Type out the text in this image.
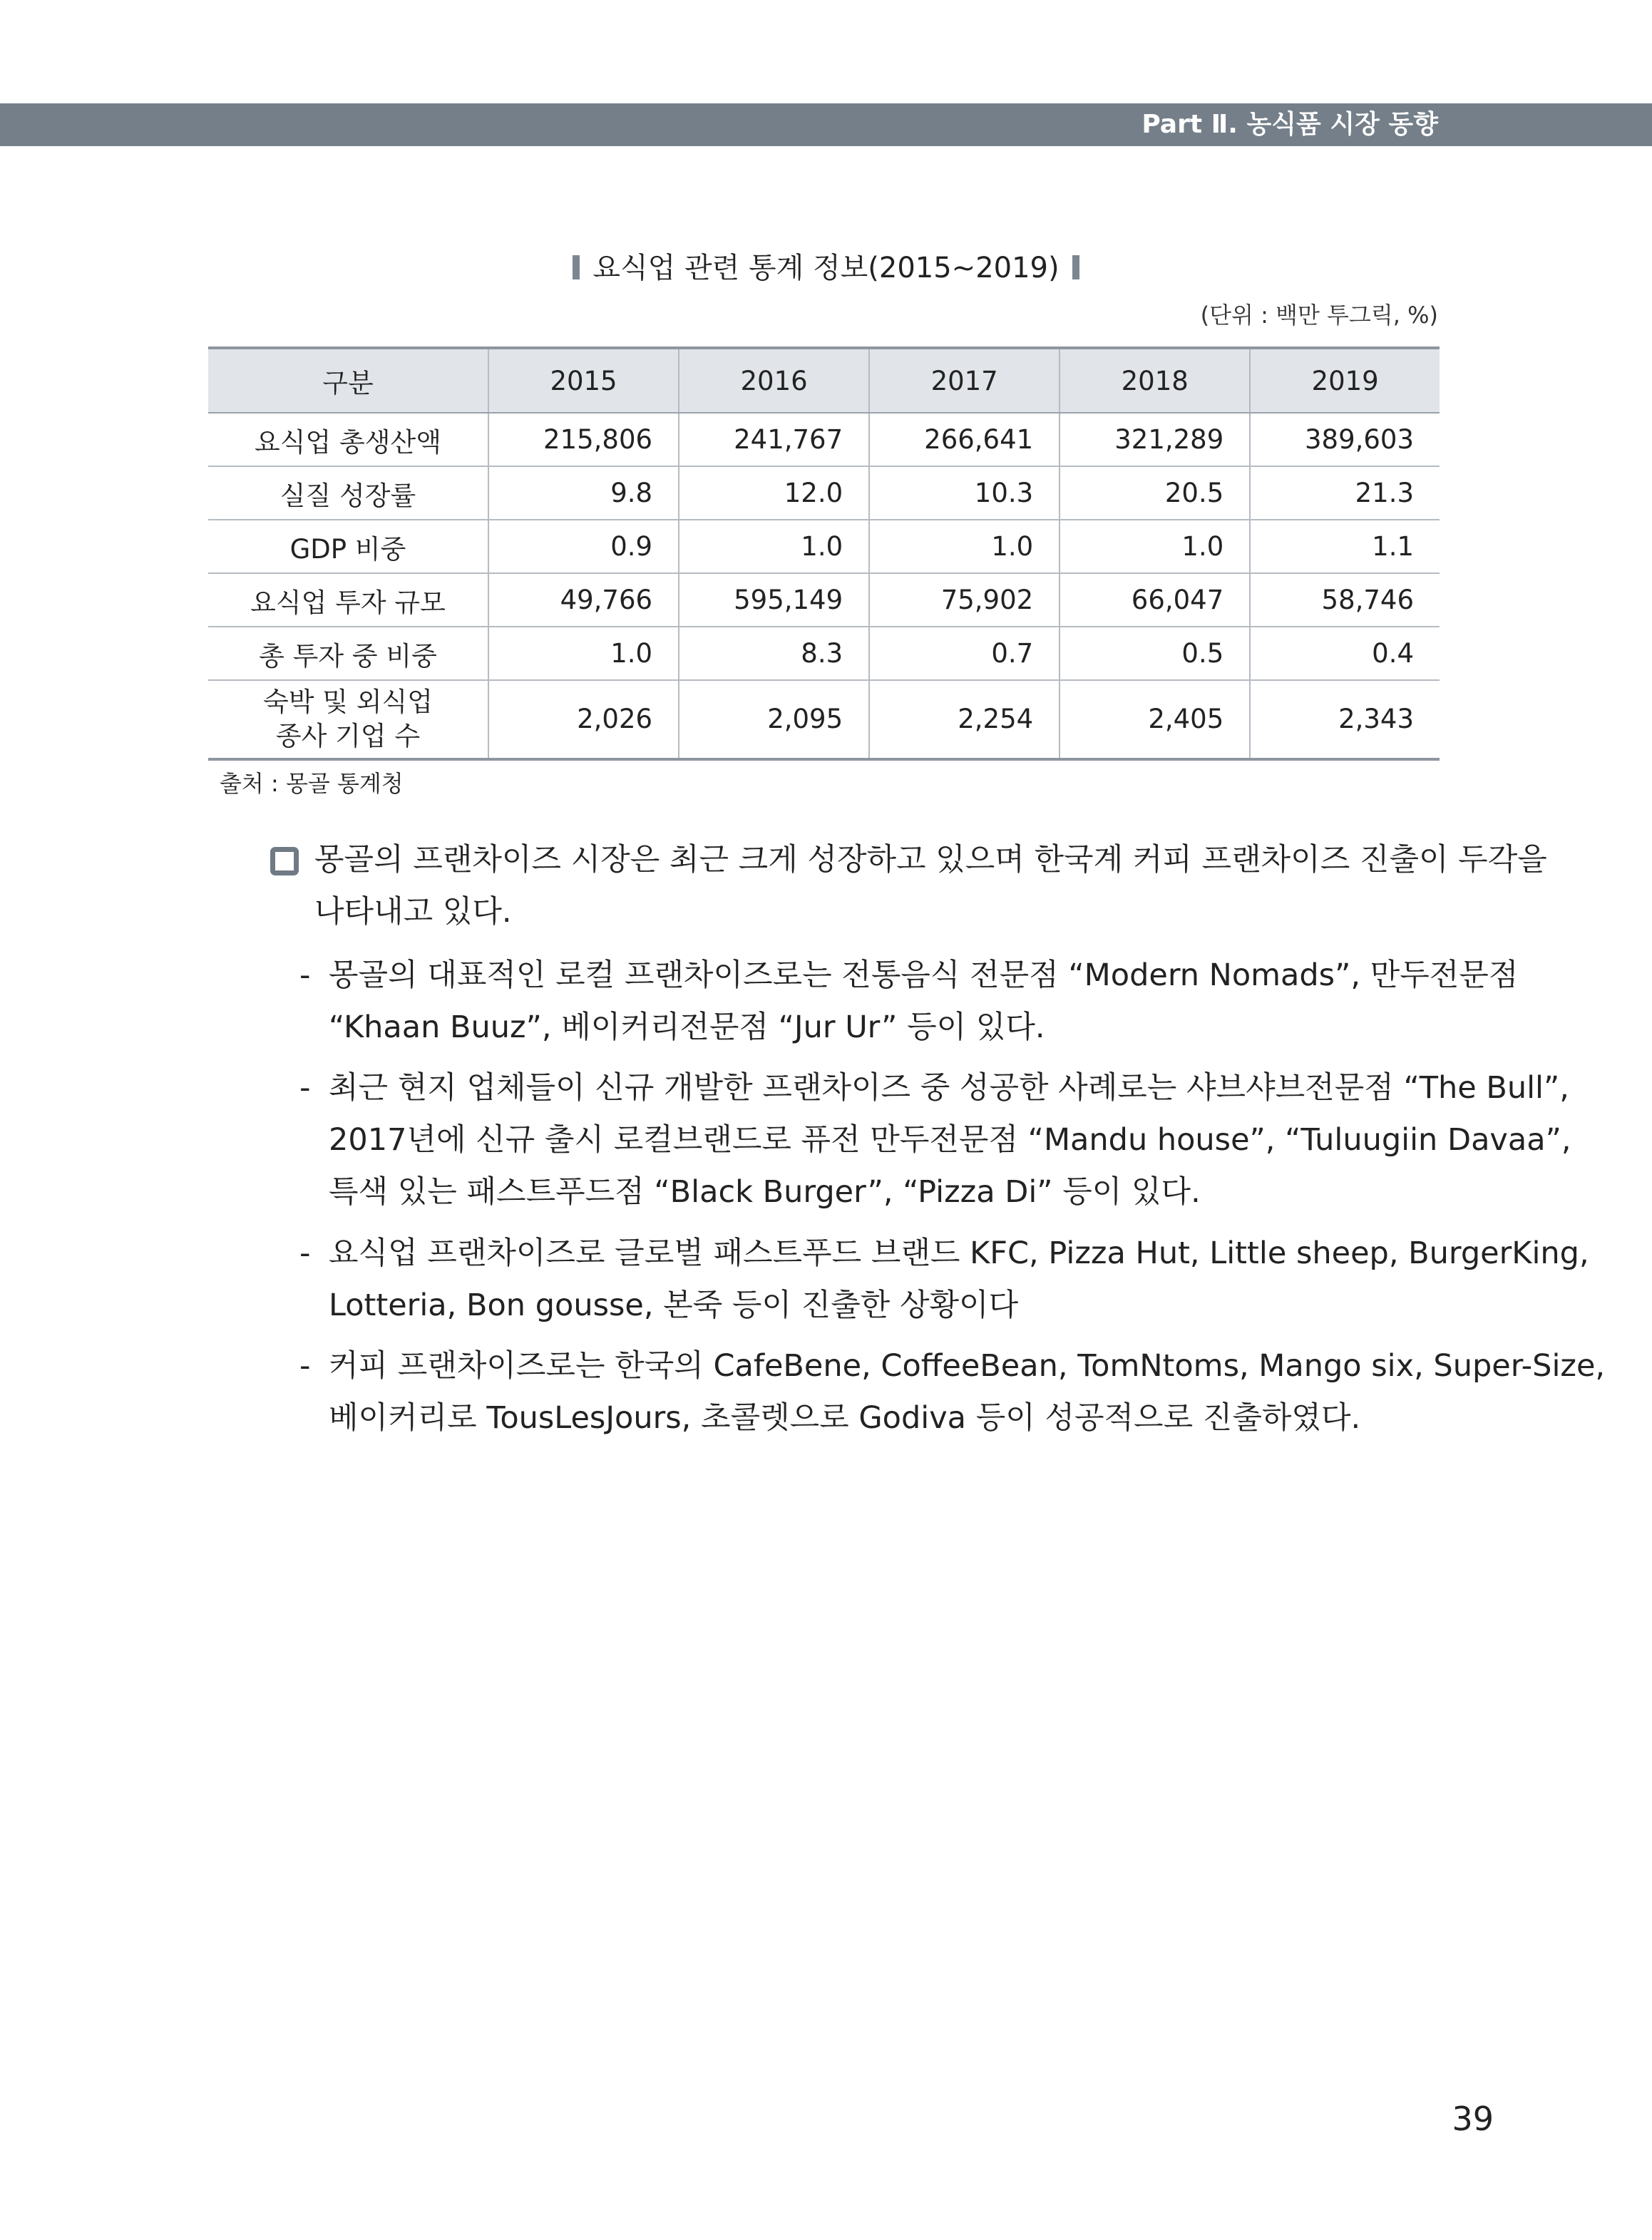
Part Ⅱ. 농식품 시장 동향
요식업 관련 통계 정보(2015~2019)
(단위 : 백만 투그릭, %)
구분	2015	2016	2017	2018	2019
요식업 총생산액	215,806	241,767	266,641	321,289	389,603
실질 성장률	9.8	12.0	10.3	20.5	21.3
GDP 비중	0.9	1.0	1.0	1.0	1.1
요식업 투자 규모	49,766	595,149	75,902	66,047	58,746
총 투자 중 비중	1.0	8.3	0.7	0.5	0.4
숙박 및 외식업
종사 기업 수	2,026	2,095	2,254	2,405	2,343
출처 : 몽골 통계청
몽골의 프랜차이즈 시장은 최근 크게 성장하고 있으며 한국계 커피 프랜차이즈 진출이 두각을
나타내고 있다.
- 몽골의 대표적인 로컬 프랜차이즈로는 전통음식 전문점 “Modern Nomads”, 만두전문점
“Khaan Buuz”, 베이커리전문점 “Jur Ur” 등이 있다.
- 최근 현지 업체들이 신규 개발한 프랜차이즈 중 성공한 사례로는 샤브샤브전문점 “The Bull”,
2017년에 신규 출시 로컬브랜드로 퓨전 만두전문점 “Mandu house”, “Tuluugiin Davaa”,
특색 있는 패스트푸드점 “Black Burger”, “Pizza Di” 등이 있다.
- 요식업 프랜차이즈로 글로벌 패스트푸드 브랜드 KFC, Pizza Hut, Little sheep, BurgerKing,
Lotteria, Bon gousse, 본죽 등이 진출한 상황이다
- 커피 프랜차이즈로는 한국의 CafeBene, CoffeeBean, TomNtoms, Mango six, Super-Size,
베이커리로 TousLesJours, 초콜렛으로 Godiva 등이 성공적으로 진출하였다.
39
